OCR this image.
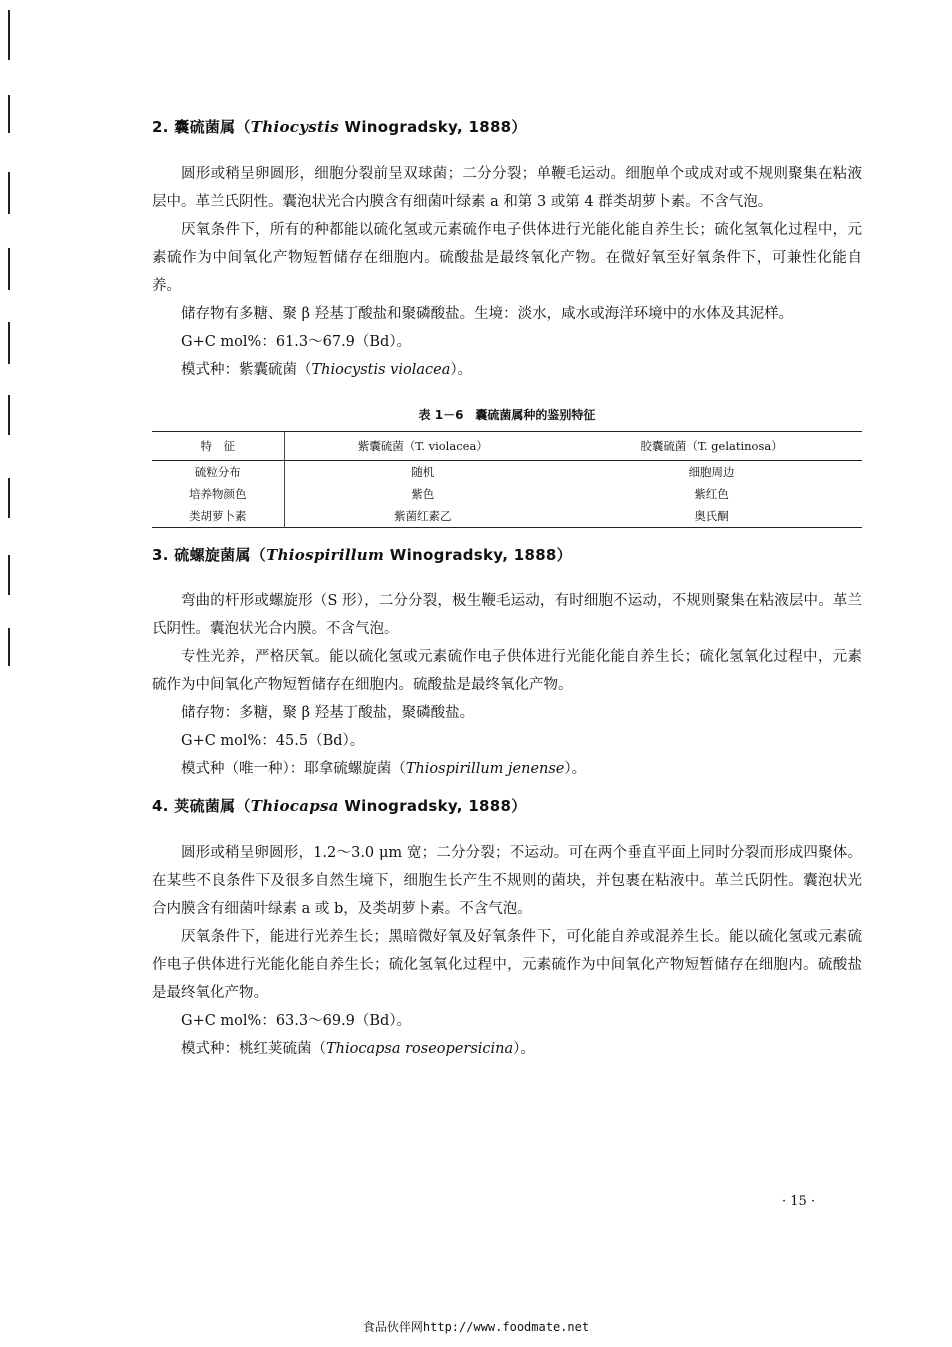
2. 囊硫菌属（Thiocystis Winogradsky, 1888）

圆形或稍呈卵圆形，细胞分裂前呈双球菌；二分分裂；单鞭毛运动。细胞单个或成对或不规则聚集在粘液层中。革兰氏阴性。囊泡状光合内膜含有细菌叶绿素 a 和第 3 或第 4 群类胡萝卜素。不含气泡。

厌氧条件下，所有的种都能以硫化氢或元素硫作电子供体进行光能化能自养生长；硫化氢氧化过程中，元素硫作为中间氧化产物短暂储存在细胞内。硫酸盐是最终氧化产物。在微好氧至好氧条件下，可兼性化能自养。

储存物有多糖、聚 β 羟基丁酸盐和聚磷酸盐。生境：淡水，咸水或海洋环境中的水体及其泥样。

G+C mol%：61.3～67.9（Bd）。

模式种：紫囊硫菌（Thiocystis violacea）。

表 1－6　囊硫菌属种的鉴别特征
特　征	紫囊硫菌（T. violacea）	胶囊硫菌（T. gelatinosa）
硫粒分布	随机	细胞周边
培养物颜色	紫色	紫红色
类胡萝卜素	紫菌红素乙	奥氏酮
3. 硫螺旋菌属（Thiospirillum Winogradsky, 1888）

弯曲的杆形或螺旋形（S 形），二分分裂，极生鞭毛运动，有时细胞不运动，不规则聚集在粘液层中。革兰氏阴性。囊泡状光合内膜。不含气泡。

专性光养，严格厌氧。能以硫化氢或元素硫作电子供体进行光能化能自养生长；硫化氢氧化过程中，元素硫作为中间氧化产物短暂储存在细胞内。硫酸盐是最终氧化产物。

储存物：多糖，聚 β 羟基丁酸盐，聚磷酸盐。

G+C mol%：45.5（Bd）。

模式种（唯一种）：耶拿硫螺旋菌（Thiospirillum jenense）。

4. 荚硫菌属（Thiocapsa Winogradsky, 1888）

圆形或稍呈卵圆形，1.2～3.0 μm 宽；二分分裂；不运动。可在两个垂直平面上同时分裂而形成四聚体。在某些不良条件下及很多自然生境下，细胞生长产生不规则的菌块，并包裹在粘液中。革兰氏阴性。囊泡状光合内膜含有细菌叶绿素 a 或 b，及类胡萝卜素。不含气泡。

厌氧条件下，能进行光养生长；黑暗微好氧及好氧条件下，可化能自养或混养生长。能以硫化氢或元素硫作电子供体进行光能化能自养生长；硫化氢氧化过程中，元素硫作为中间氧化产物短暂储存在细胞内。硫酸盐是最终氧化产物。

G+C mol%：63.3～69.9（Bd）。

模式种：桃红荚硫菌（Thiocapsa roseopersicina）。

· 15 ·
食品伙伴网http://www.foodmate.net
